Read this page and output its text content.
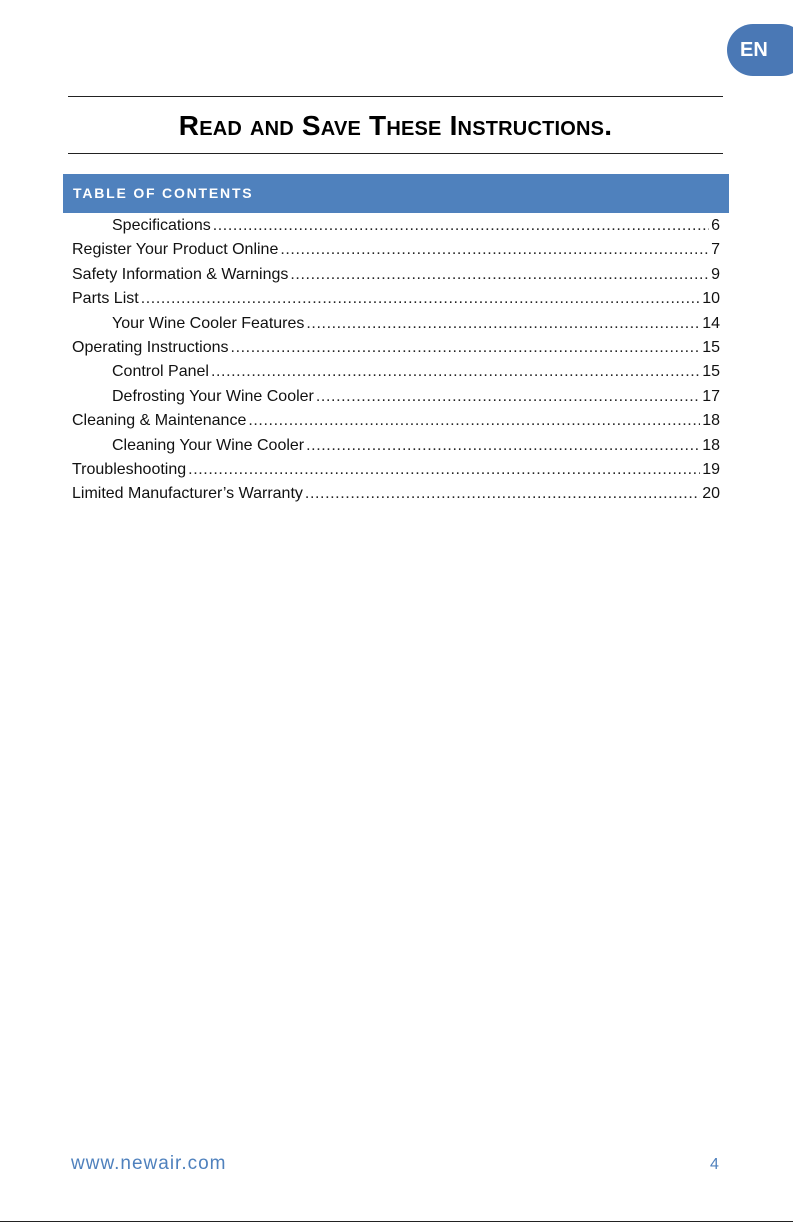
EN
Read and Save These Instructions.
TABLE OF CONTENTS
Specifications .....	6
Register Your Product Online .....	7
Safety Information & Warnings .....	9
Parts List .....	10
Your Wine Cooler Features .....	14
Operating Instructions .....	15
Control Panel .....	15
Defrosting Your Wine Cooler .....	17
Cleaning & Maintenance .....	18
Cleaning Your Wine Cooler .....	18
Troubleshooting .....	19
Limited Manufacturer’s Warranty .....	20
www.newair.com	4
